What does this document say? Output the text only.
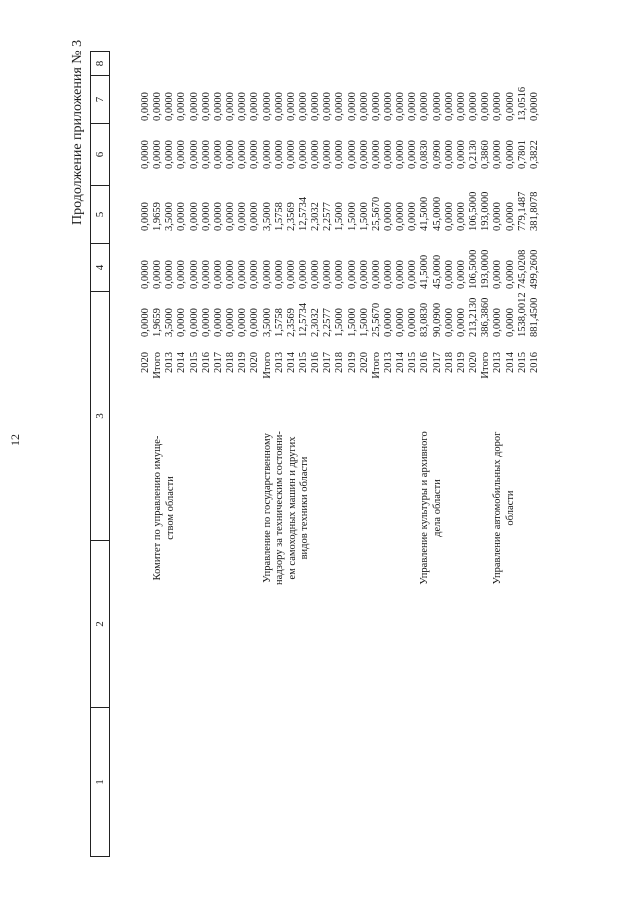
12
Продолжение приложения № 3
1
2
3
4
5
6
7
8
2020
0,0000
0,0000
0,0000
0,0000
0,0000
Итого
1,9659
0,0000
1,9659
0,0000
0,0000
2013
3,5000
0,0000
3,5000
0,0000
0,0000
2014
0,0000
0,0000
0,0000
0,0000
0,0000
2015
0,0000
0,0000
0,0000
0,0000
0,0000
2016
0,0000
0,0000
0,0000
0,0000
0,0000
2017
0,0000
0,0000
0,0000
0,0000
0,0000
2018
0,0000
0,0000
0,0000
0,0000
0,0000
2019
0,0000
0,0000
0,0000
0,0000
0,0000
2020
0,0000
0,0000
0,0000
0,0000
0,0000
Комитет по управлению имуще-ством области
Итого
3,5000
0,0000
3,5000
0,0000
0,0000
2013
1,5758
0,0000
1,5758
0,0000
0,0000
2014
2,3569
0,0000
2,3569
0,0000
0,0000
2015
12,5734
0,0000
12,5734
0,0000
0,0000
2016
2,3032
0,0000
2,3032
0,0000
0,0000
2017
2,2577
0,0000
2,2577
0,0000
0,0000
2018
1,5000
0,0000
1,5000
0,0000
0,0000
2019
1,5000
0,0000
1,5000
0,0000
0,0000
2020
1,5000
0,0000
1,5000
0,0000
0,0000
Управление по государственному надзору за техническим состояни-ем самоходных машин и других видов техники области
Итого
25,5670
0,0000
25,5670
0,0000
0,0000
2013
0,0000
0,0000
0,0000
0,0000
0,0000
2014
0,0000
0,0000
0,0000
0,0000
0,0000
2015
0,0000
0,0000
0,0000
0,0000
0,0000
2016
83,0830
41,5000
41,5000
0,0830
0,0000
2017
90,0900
45,0000
45,0000
0,0900
0,0000
2018
0,0000
0,0000
0,0000
0,0000
0,0000
2019
0,0000
0,0000
0,0000
0,0000
0,0000
2020
213,2130
106,5000
106,5000
0,2130
0,0000
Итого
386,3860
193,0000
193,0000
0,3860
0,0000
Управление культуры и архивного дела области
2013
0,0000
0,0000
0,0000
0,0000
0,0000
2014
0,0000
0,0000
0,0000
0,0000
0,0000
2015
1538,0012
745,0208
779,1487
0,7801
13,0516
2016
881,4500
499,2600
381,8078
0,3822
0,0000
Управление автомобильных дорог области
